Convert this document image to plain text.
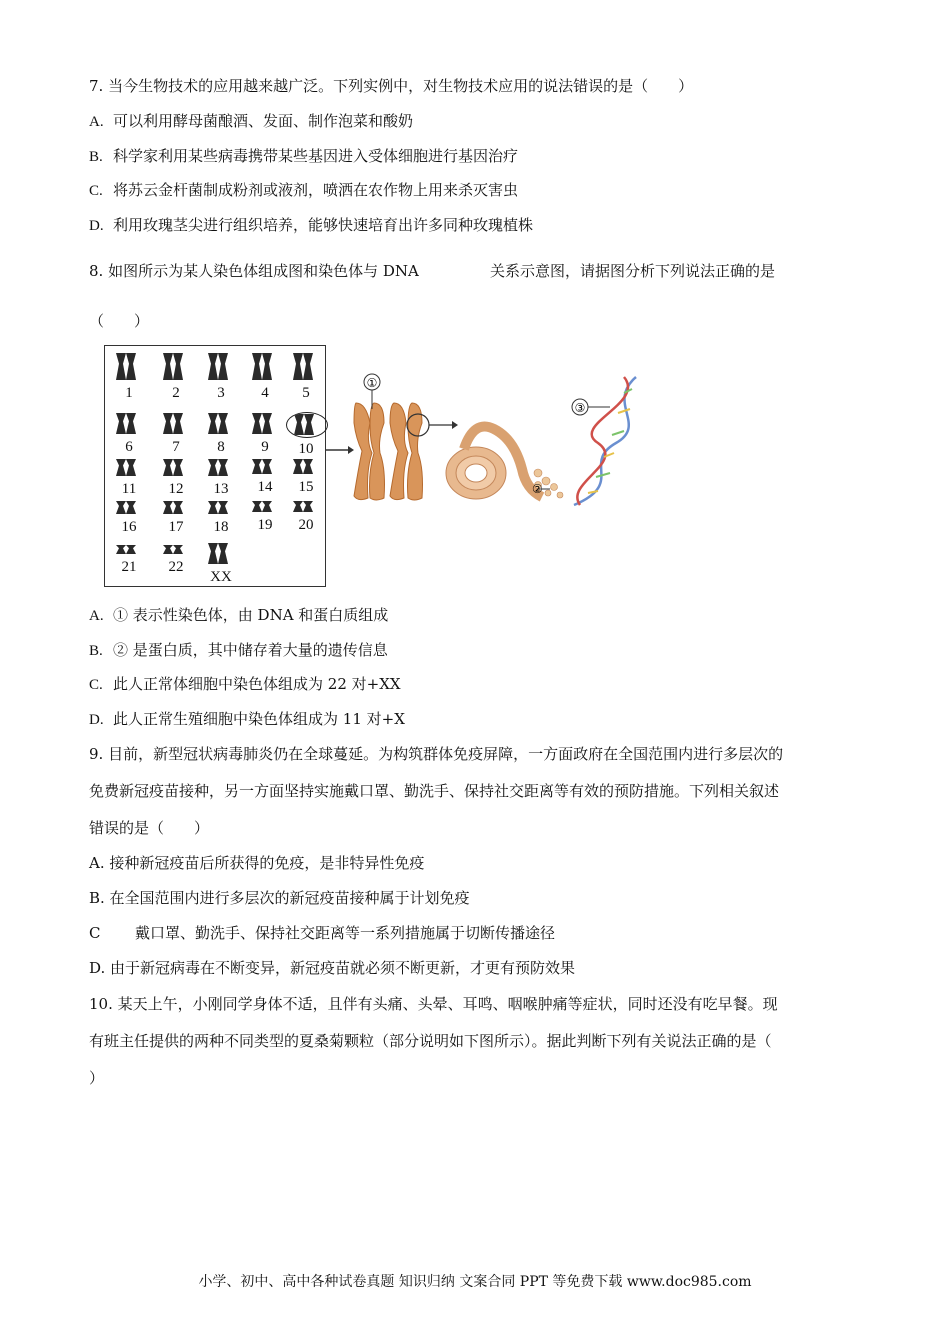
7. 当今生物技术的应用越来越广泛。下列实例中，对生物技术应用的说法错误的是（　　）
A. 可以利用酵母菌酿酒、发面、制作泡菜和酸奶
B. 科学家利用某些病毒携带某些基因进入受体细胞进行基因治疗
C. 将苏云金杆菌制成粉剂或液剂，喷洒在农作物上用来杀灭害虫
D. 利用玫瑰茎尖进行组织培养，能够快速培育出许多同种玫瑰植株
8. 如图所示为某人染色体组成图和染色体与 DNA	关系示意图，请据图分析下列说法正确的是
（　　）
1	2	3	4	5
6	7	8	9	10
11	12	13	14	15
16	17	18	19	20
21	22
XX
①
②
③
A. ① 表示性染色体，由 DNA 和蛋白质组成
B. ② 是蛋白质，其中储存着大量的遗传信息
C. 此人正常体细胞中染色体组成为 22 对+XX
D. 此人正常生殖细胞中染色体组成为 11 对+X
9. 目前，新型冠状病毒肺炎仍在全球蔓延。为构筑群体免疫屏障，一方面政府在全国范围内进行多层次的
免费新冠疫苗接种，另一方面坚持实施戴口罩、勤洗手、保持社交距离等有效的预防措施。下列相关叙述
错误的是（　　）
A. 接种新冠疫苗后所获得的免疫，是非特异性免疫
B. 在全国范围内进行多层次的新冠疫苗接种属于计划免疫
C 戴口罩、勤洗手、保持社交距离等一系列措施属于切断传播途径
D. 由于新冠病毒在不断变异，新冠疫苗就必须不断更新，才更有预防效果
10. 某天上午，小刚同学身体不适，且伴有头痛、头晕、耳鸣、咽喉肿痛等症状，同时还没有吃早餐。现
有班主任提供的两种不同类型的夏桑菊颗粒（部分说明如下图所示）。据此判断下列有关说法正确的是（
）
小学、初中、高中各种试卷真题 知识归纳 文案合同 PPT 等免费下载 www.doc985.com
